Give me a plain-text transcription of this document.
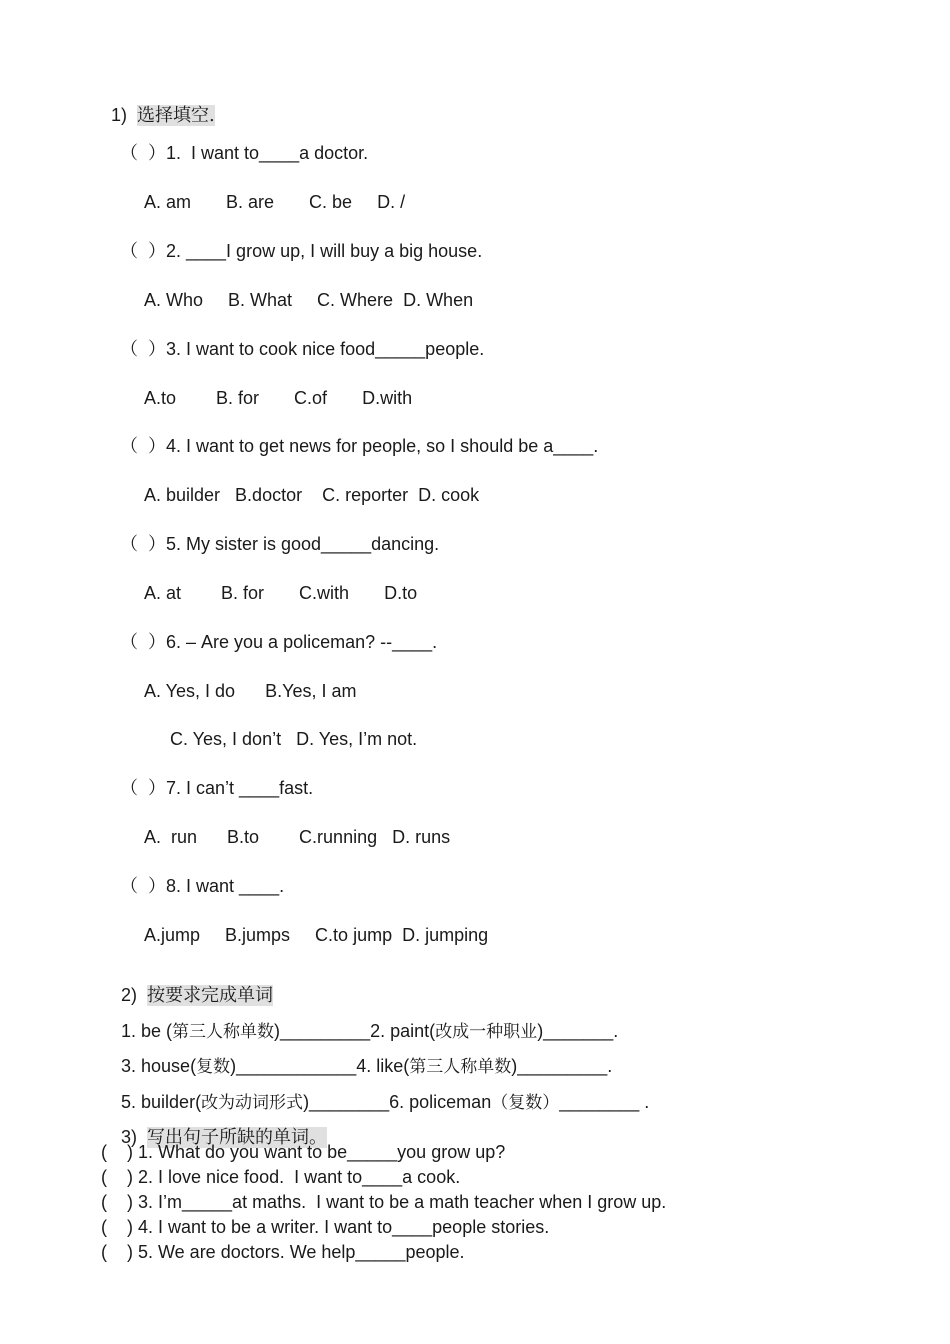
1) 选择填空.

（  ）1.  I want to____a doctor.
A. am       B. are       C. be     D. /
（  ）2. ____I grow up, I will buy a big house.
A. Who     B. What     C. Where  D. When
（  ）3. I want to cook nice food_____people.
A.to        B. for       C.of       D.with
（  ）4. I want to get news for people, so I should be a____.
A. builder   B.doctor    C. reporter  D. cook
（  ）5. My sister is good_____dancing.
A. at        B. for       C.with       D.to
（  ）6. – Are you a policeman? --____.
A. Yes, I do      B.Yes, I am
C. Yes, I don’t   D. Yes, I’m not.
（  ）7. I can’t ____fast.
A.  run      B.to        C.running   D. runs
（  ）8. I want ____.
A.jump     B.jumps     C.to jump  D. jumping

2) 按要求完成单词

1. be (第三人称单数)_________2. paint(改成一种职业)_______.

3. house(复数)____________4. like(第三人称单数)_________.

5. builder(改为动词形式)________6. policeman（复数）________ .

3) 写出句子所缺的单词。

(    ) 1. What do you want to be_____you grow up?
(    ) 2. I love nice food.  I want to____a cook.
(    ) 3. I’m_____at maths.  I want to be a math teacher when I grow up.
(    ) 4. I want to be a writer. I want to____people stories.
(    ) 5. We are doctors. We help_____people.
